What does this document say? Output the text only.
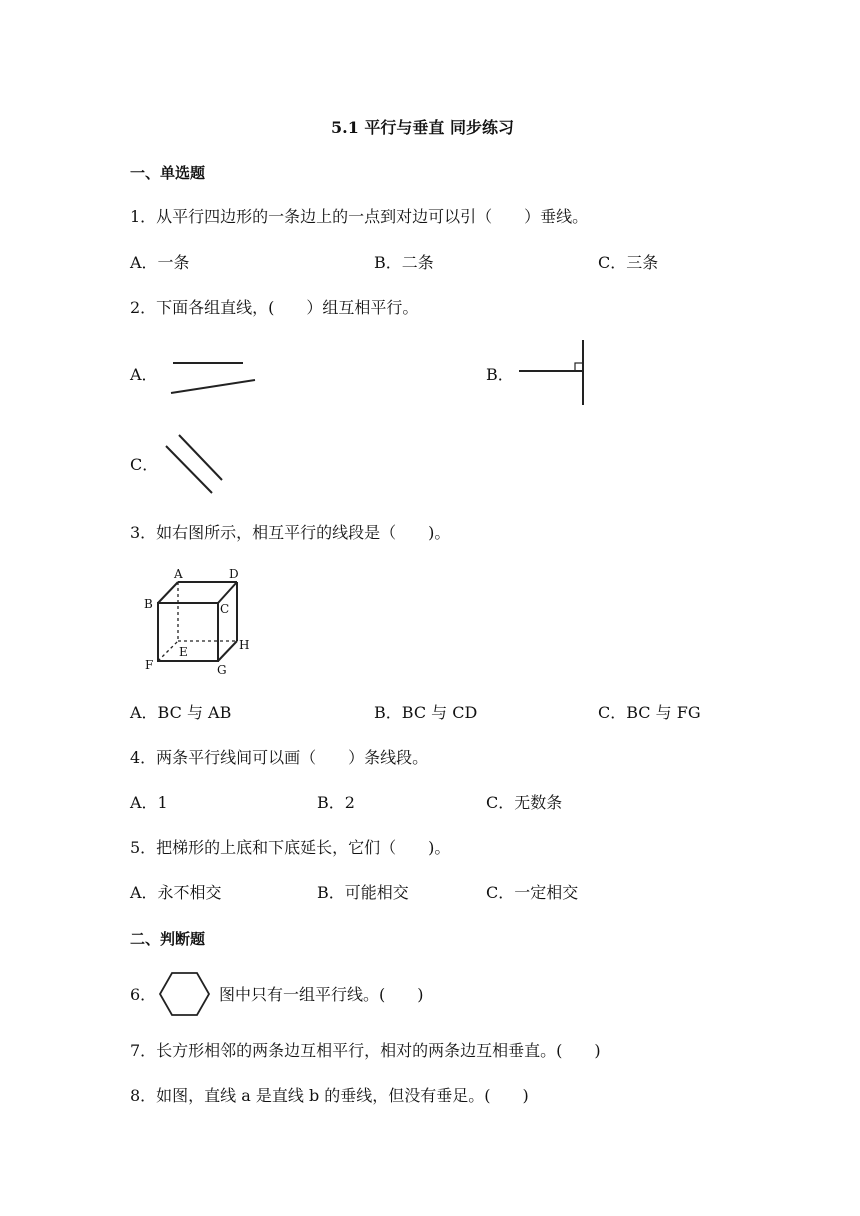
5.1 平行与垂直 同步练习
一、单选题
1．从平行四边形的一条边上的一点到对边可以引（　　）垂线。
A．一条	B．二条	C．三条
2．下面各组直线，(　　）组互相平行。
A．	B．
C．
3．如右图所示，相互平行的线段是（　　)。
A	D
B	C
E	H
F	G
A．BC 与 AB	B．BC 与 CD	C．BC 与 FG
4．两条平行线间可以画（　　）条线段。
A．1	B．2	C．无数条
5．把梯形的上底和下底延长，它们（　　)。
A．永不相交	B．可能相交	C．一定相交
二、判断题
6．	图中只有一组平行线。(　　)
7．长方形相邻的两条边互相平行，相对的两条边互相垂直。(　　)
8．如图，直线 a 是直线 b 的垂线，但没有垂足。(　　)
